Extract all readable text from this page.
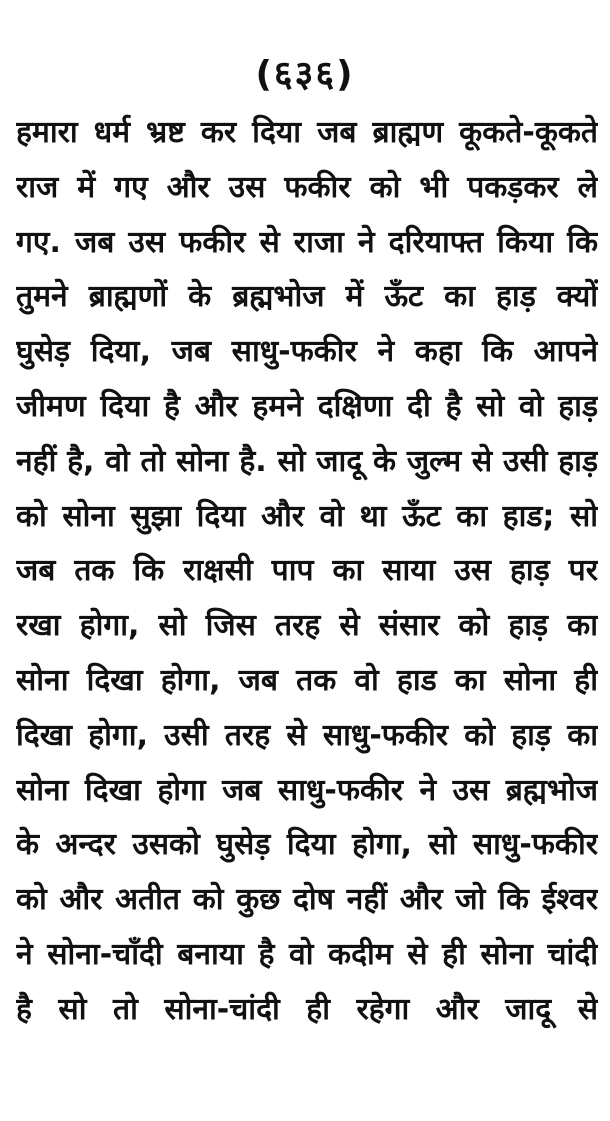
(६३६)
हमारा धर्म भ्रष्ट कर दिया जब ब्राह्मण कूकते-कूकते
राज में गए और उस फकीर को भी पकड़कर ले
गए. जब उस फकीर से राजा ने दरियाफ्त किया कि
तुमने ब्राह्मणों के ब्रह्मभोज में ऊँट का हाड़ क्यों
घुसेड़ दिया, जब साधु-फकीर ने कहा कि आपने
जीमण दिया है और हमने दक्षिणा दी है सो वो हाड़
नहीं है, वो तो सोना है. सो जादू के जुल्म से उसी हाड़
को सोना सुझा दिया और वो था ऊँट का हाड; सो
जब तक कि राक्षसी पाप का साया उस हाड़ पर
रखा होगा, सो जिस तरह से संसार को हाड़ का
सोना दिखा होगा, जब तक वो हाड का सोना ही
दिखा होगा, उसी तरह से साधु-फकीर को हाड़ का
सोना दिखा होगा जब साधु-फकीर ने उस ब्रह्मभोज
के अन्दर उसको घुसेड़ दिया होगा, सो साधु-फकीर
को और अतीत को कुछ दोष नहीं और जो कि ईश्वर
ने सोना-चाँदी बनाया है वो कदीम से ही सोना चांदी
है सो तो सोना-चांदी ही रहेगा और जादू से
